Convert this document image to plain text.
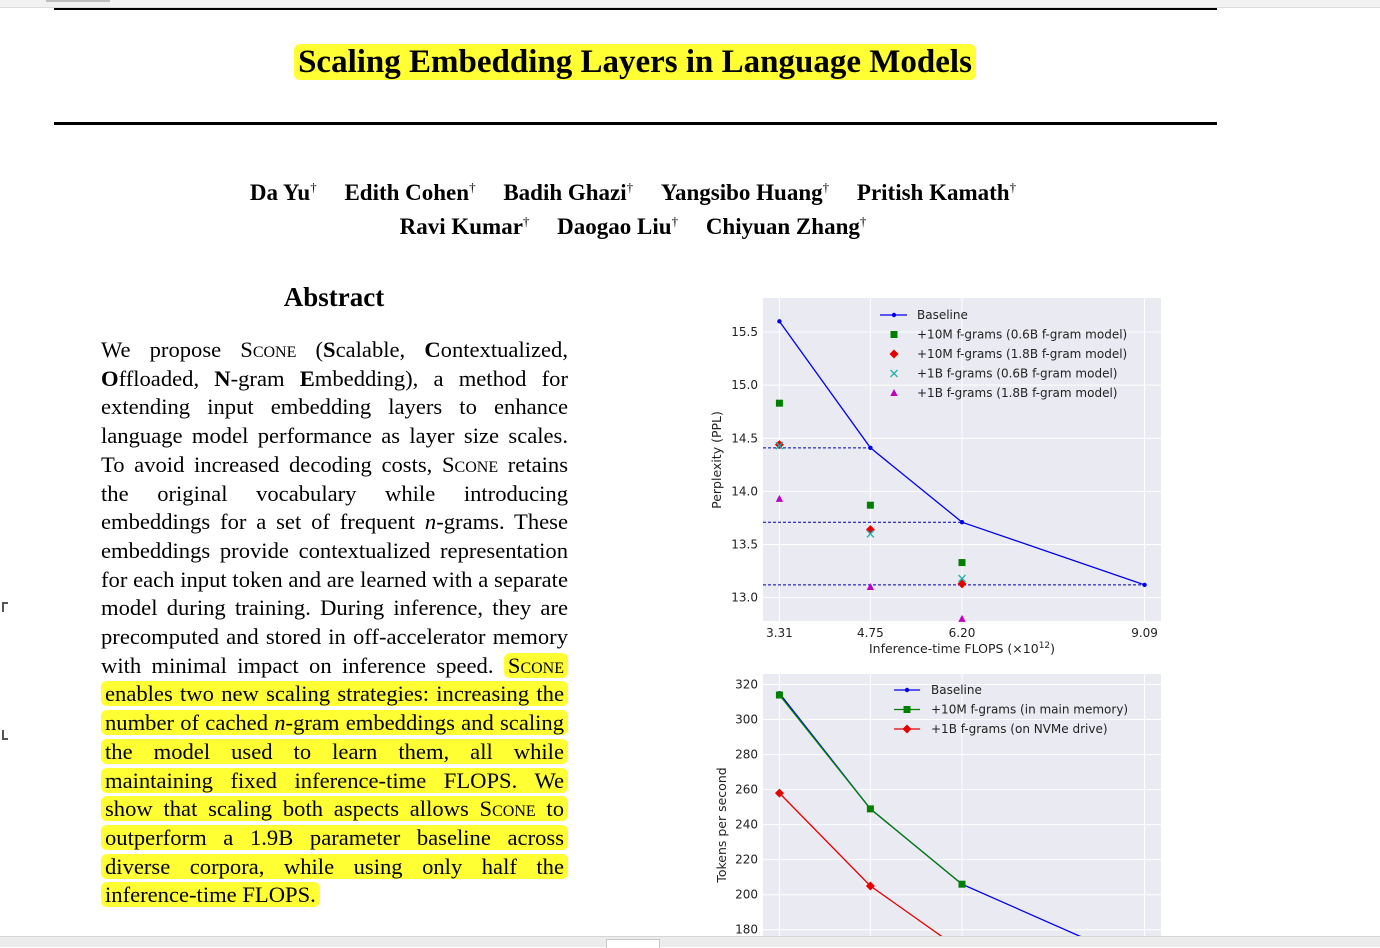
Scaling Embedding Layers in Language Models
Da Yu† Edith Cohen† Badih Ghazi† Yangsibo Huang† Pritish Kamath†
Ravi Kumar† Daogao Liu† Chiyuan Zhang†
Abstract
We propose Scone (Scalable, Contextualized, Offloaded, N-gram Embedding), a method for extending input embedding layers to enhance language model performance as layer size scales. To avoid increased decoding costs, Scone retains the original vocabulary while introducing embeddings for a set of frequent n-grams. These embeddings provide contextualized representation for each input token and are learned with a separate model during training. During inference, they are precomputed and stored in off-accelerator memory with minimal impact on inference speed. Scone enables two new scaling strategies: increasing the number of cached n-gram embeddings and scaling the model used to learn them, all while maintaining fixed inference-time FLOPS. We show that scaling both aspects allows Scone to outperform a 1.9B parameter baseline across diverse corpora, while using only half the inference-time FLOPS.
13.0
13.5
14.0
14.5
15.0
15.5
3.31	4.75	6.20	9.09
Perplexity (PPL)
Inference-time FLOPS $(\times 10^{12})$
Baseline
+10M f-grams (0.6B f-gram model)
+10M f-grams (1.8B f-gram model)
+1B f-grams (0.6B f-gram model)
+1B f-grams (1.8B f-gram model)
180
200
220
240
260
280
300
320
Tokens per second
Baseline
+10M f-grams (in main memory)
+1B f-grams (on NVMe drive)
